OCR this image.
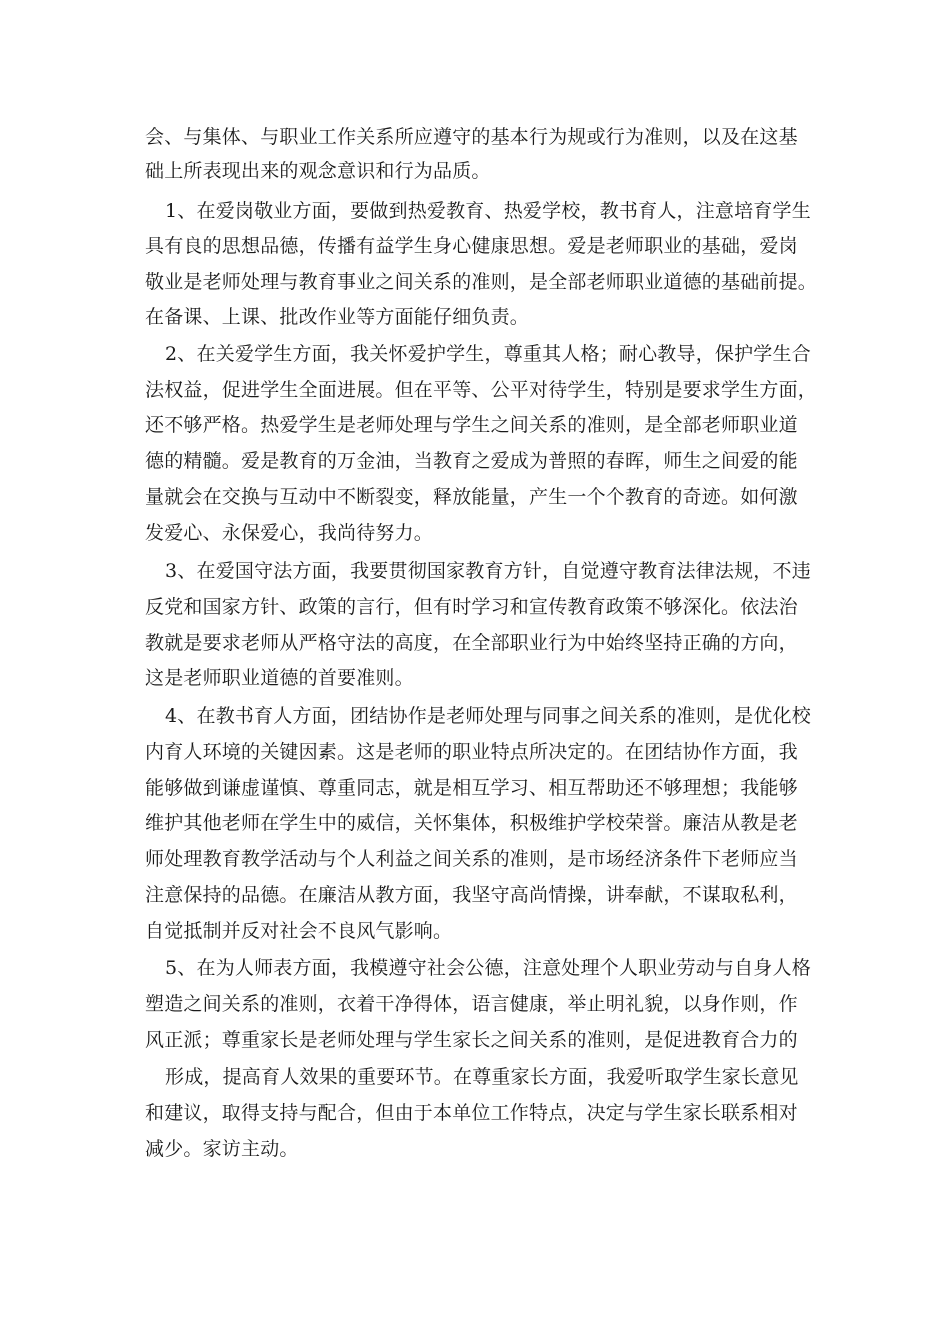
会、与集体、与职业工作关系所应遵守的基本行为规或行为准则，以及在这基
础上所表现出来的观念意识和行为品质。
1、在爱岗敬业方面，要做到热爱教育、热爱学校，教书育人，注意培育学生
具有良的思想品德，传播有益学生身心健康思想。爱是老师职业的基础，爱岗
敬业是老师处理与教育事业之间关系的准则，是全部老师职业道德的基础前提。
在备课、上课、批改作业等方面能仔细负责。
2、在关爱学生方面，我关怀爱护学生，尊重其人格；耐心教导，保护学生合
法权益，促进学生全面进展。但在平等、公平对待学生，特别是要求学生方面，
还不够严格。热爱学生是老师处理与学生之间关系的准则，是全部老师职业道
德的精髓。爱是教育的万金油，当教育之爱成为普照的春晖，师生之间爱的能
量就会在交换与互动中不断裂变，释放能量，产生一个个教育的奇迹。如何激
发爱心、永保爱心，我尚待努力。
3、在爱国守法方面，我要贯彻国家教育方针，自觉遵守教育法律法规，不违
反党和国家方针、政策的言行，但有时学习和宣传教育政策不够深化。依法治
教就是要求老师从严格守法的高度，在全部职业行为中始终坚持正确的方向，
这是老师职业道德的首要准则。
4、在教书育人方面，团结协作是老师处理与同事之间关系的准则，是优化校
内育人环境的关键因素。这是老师的职业特点所决定的。在团结协作方面，我
能够做到谦虚谨慎、尊重同志，就是相互学习、相互帮助还不够理想；我能够
维护其他老师在学生中的威信，关怀集体，积极维护学校荣誉。廉洁从教是老
师处理教育教学活动与个人利益之间关系的准则，是市场经济条件下老师应当
注意保持的品德。在廉洁从教方面，我坚守高尚情操，讲奉献，不谋取私利，
自觉抵制并反对社会不良风气影响。
5、在为人师表方面，我模遵守社会公德，注意处理个人职业劳动与自身人格
塑造之间关系的准则，衣着干净得体，语言健康，举止明礼貌，以身作则，作
风正派；尊重家长是老师处理与学生家长之间关系的准则，是促进教育合力的
形成，提高育人效果的重要环节。在尊重家长方面，我爱听取学生家长意见
和建议，取得支持与配合，但由于本单位工作特点，决定与学生家长联系相对
减少。家访主动。
